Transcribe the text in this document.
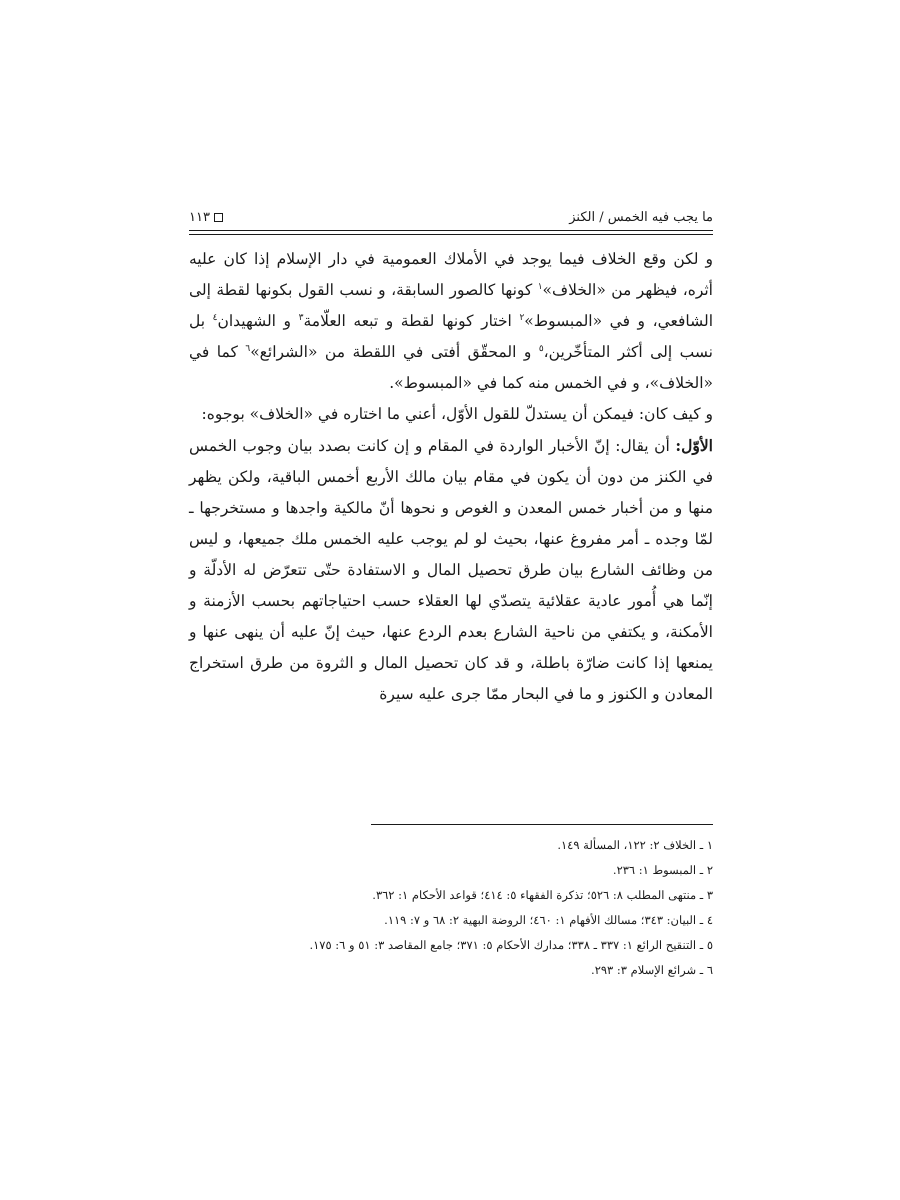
١١٣	ما يجب فيه الخمس / الكنز

و لكن وقع الخلاف فيما يوجد في الأملاك العمومية في دار الإسلام إذا كان عليه أثره، فيظهر من «الخلاف»$^١$ كونها كالصور السابقة، و نسب القول بكونها لقطة إلى الشافعي، و في «المبسوط»$^٢$ اختار كونها لقطة و تبعه العلّامة$^٣$ و الشهيدان$^٤$ بل نسب إلى أكثر المتأخّرين،$^٥$ و المحقّق أفتى في اللقطة من «الشرائع»$^٦$ كما في «الخلاف»، و في الخمس منه كما في «المبسوط».

و كيف كان: فيمكن أن يستدلّ للقول الأوّل، أعني ما اختاره في «الخلاف» بوجوه:

الأوّل: أن يقال: إنّ الأخبار الواردة في المقام و إن كانت بصدد بيان وجوب الخمس في الكنز من دون أن يكون في مقام بيان مالك الأربع أخمس الباقية، ولكن يظهر منها و من أخبار خمس المعدن و الغوص و نحوها أنّ مالكية واجدها و مستخرجها ـ لمّا وجده ـ أمر مفروغ عنها، بحيث لو لم يوجب عليه الخمس ملك جميعها، و ليس من وظائف الشارع بيان طرق تحصيل المال و الاستفادة حتّى تتعرّض له الأدلّة و إنّما هي أُمور عادية عقلائية يتصدّي لها العقلاء حسب احتياجاتهم بحسب الأزمنة و الأمكنة، و يكتفي من ناحية الشارع بعدم الردع عنها، حيث إنّ عليه أن ينهى عنها و يمنعها إذا كانت ضارّة باطلة، و قد كان تحصيل المال و الثروة من طرق استخراج المعادن و الكنوز و ما في البحار ممّا جرى عليه سيرة

١ ـ الخلاف ٢: ١٢٢، المسألة ١٤٩.
٢ ـ المبسوط ١: ٢٣٦.
٣ ـ منتهى المطلب ٨: ٥٢٦؛ تذكرة الفقهاء ٥: ٤١٤؛ قواعد الأحكام ١: ٣٦٢.
٤ ـ البيان: ٣٤٣؛ مسالك الأفهام ١: ٤٦٠؛ الروضة البهية ٢: ٦٨ و ٧: ١١٩.
٥ ـ التنقيح الرائع ١: ٣٣٧ ـ ٣٣٨؛ مدارك الأحكام ٥: ٣٧١؛ جامع المقاصد ٣: ٥١ و ٦: ١٧٥.
٦ ـ شرائع الإسلام ٣: ٢٩٣.
